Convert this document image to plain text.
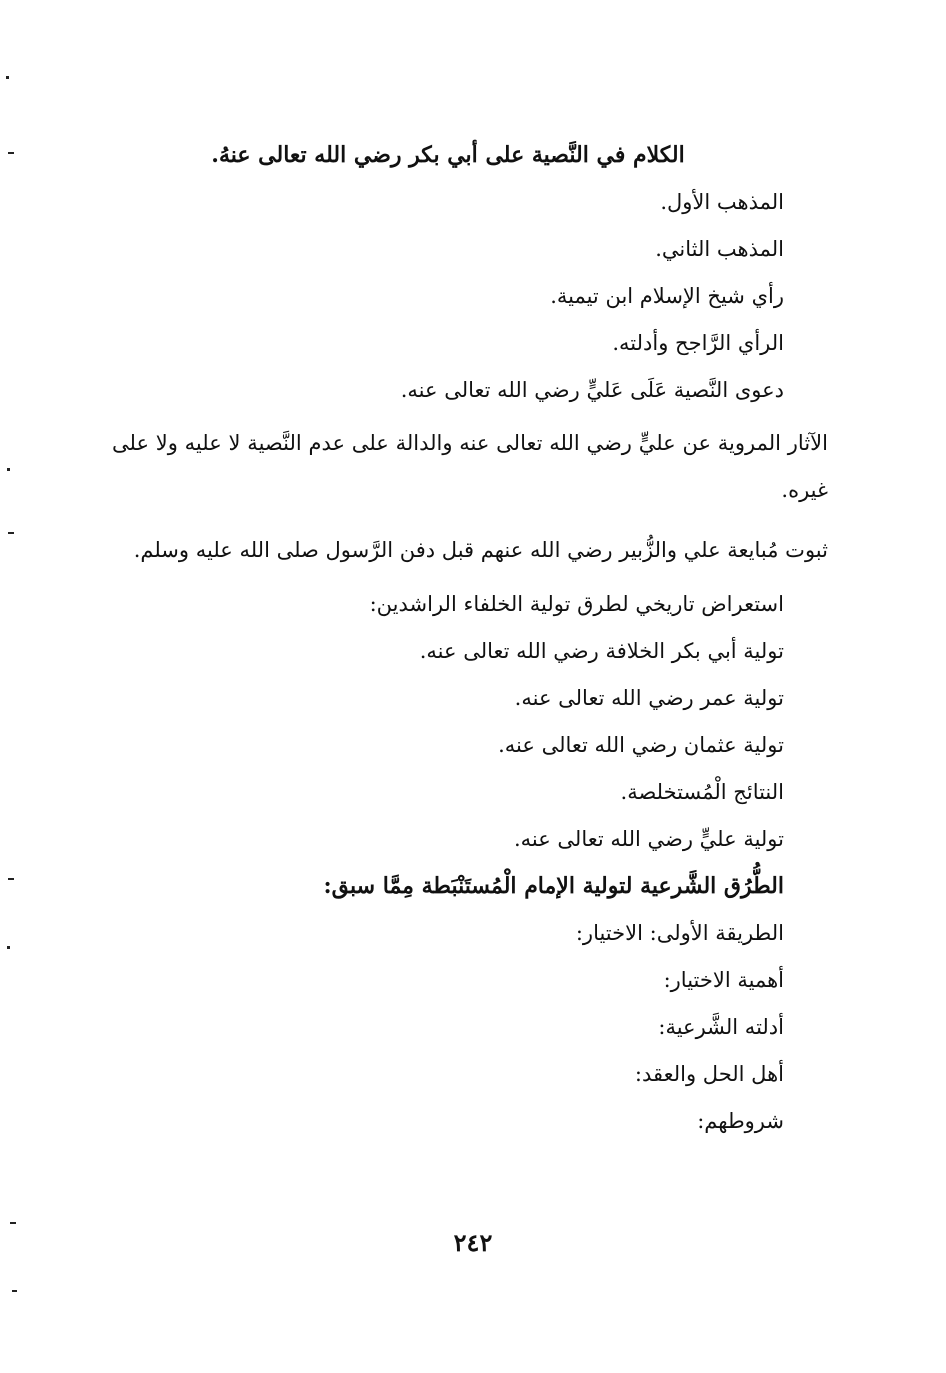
الكلام في النَّصية على أبي بكر رضي الله تعالى عنهُ.
المذهب الأول.
المذهب الثاني.
رأي شيخ الإسلام ابن تيمية.
الرأي الرَّاجح وأدلته.
دعوى النَّصية عَلَى عَليٍّ رضي الله تعالى عنه.
الآثار المروية عن عليٍّ رضي الله تعالى عنه والدالة على عدم النَّصية لا عليه ولا على غيره.
ثبوت مُبايعة علي والزُّبير رضي الله عنهم قبل دفن الرَّسول صلى الله عليه وسلم.
استعراض تاريخي لطرق تولية الخلفاء الراشدين:
تولية أبي بكر الخلافة رضي الله تعالى عنه.
تولية عمر رضي الله تعالى عنه.
تولية عثمان رضي الله تعالى عنه.
النتائج الْمُستخلصة.
تولية عليٍّ رضي الله تعالى عنه.
الطُّرُق الشَّرعية لتولية الإمام الْمُستَنْبَطة مِمَّا سبق:
الطريقة الأولى: الاختيار:
أهمية الاختيار:
أدلته الشَّرعية:
أهل الحل والعقد:
شروطهم:
٢٤٢
